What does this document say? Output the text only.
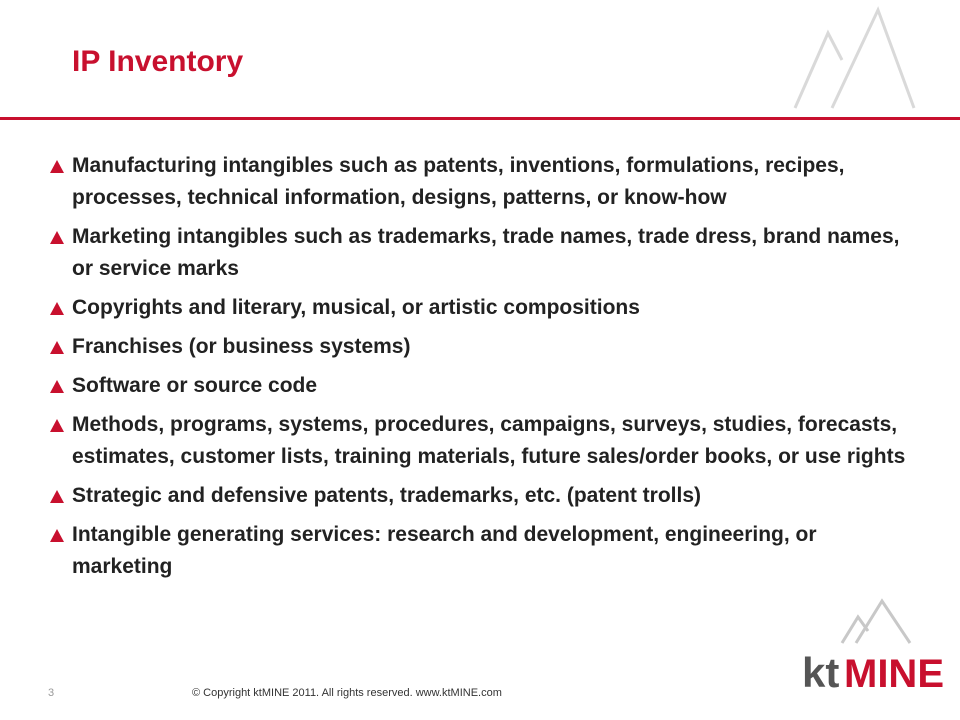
IP Inventory
Manufacturing intangibles such as patents, inventions, formulations, recipes, processes, technical information, designs, patterns, or know-how
Marketing intangibles such as trademarks, trade names, trade dress, brand names, or service marks
Copyrights and literary, musical, or artistic compositions
Franchises (or business systems)
Software or source code
Methods, programs, systems, procedures, campaigns, surveys, studies, forecasts, estimates, customer lists, training materials, future sales/order books, or use rights
Strategic and defensive patents, trademarks, etc. (patent trolls)
Intangible generating services: research and development, engineering, or marketing
3	© Copyright ktMINE 2011. All rights reserved. www.ktMINE.com	kt MINE
